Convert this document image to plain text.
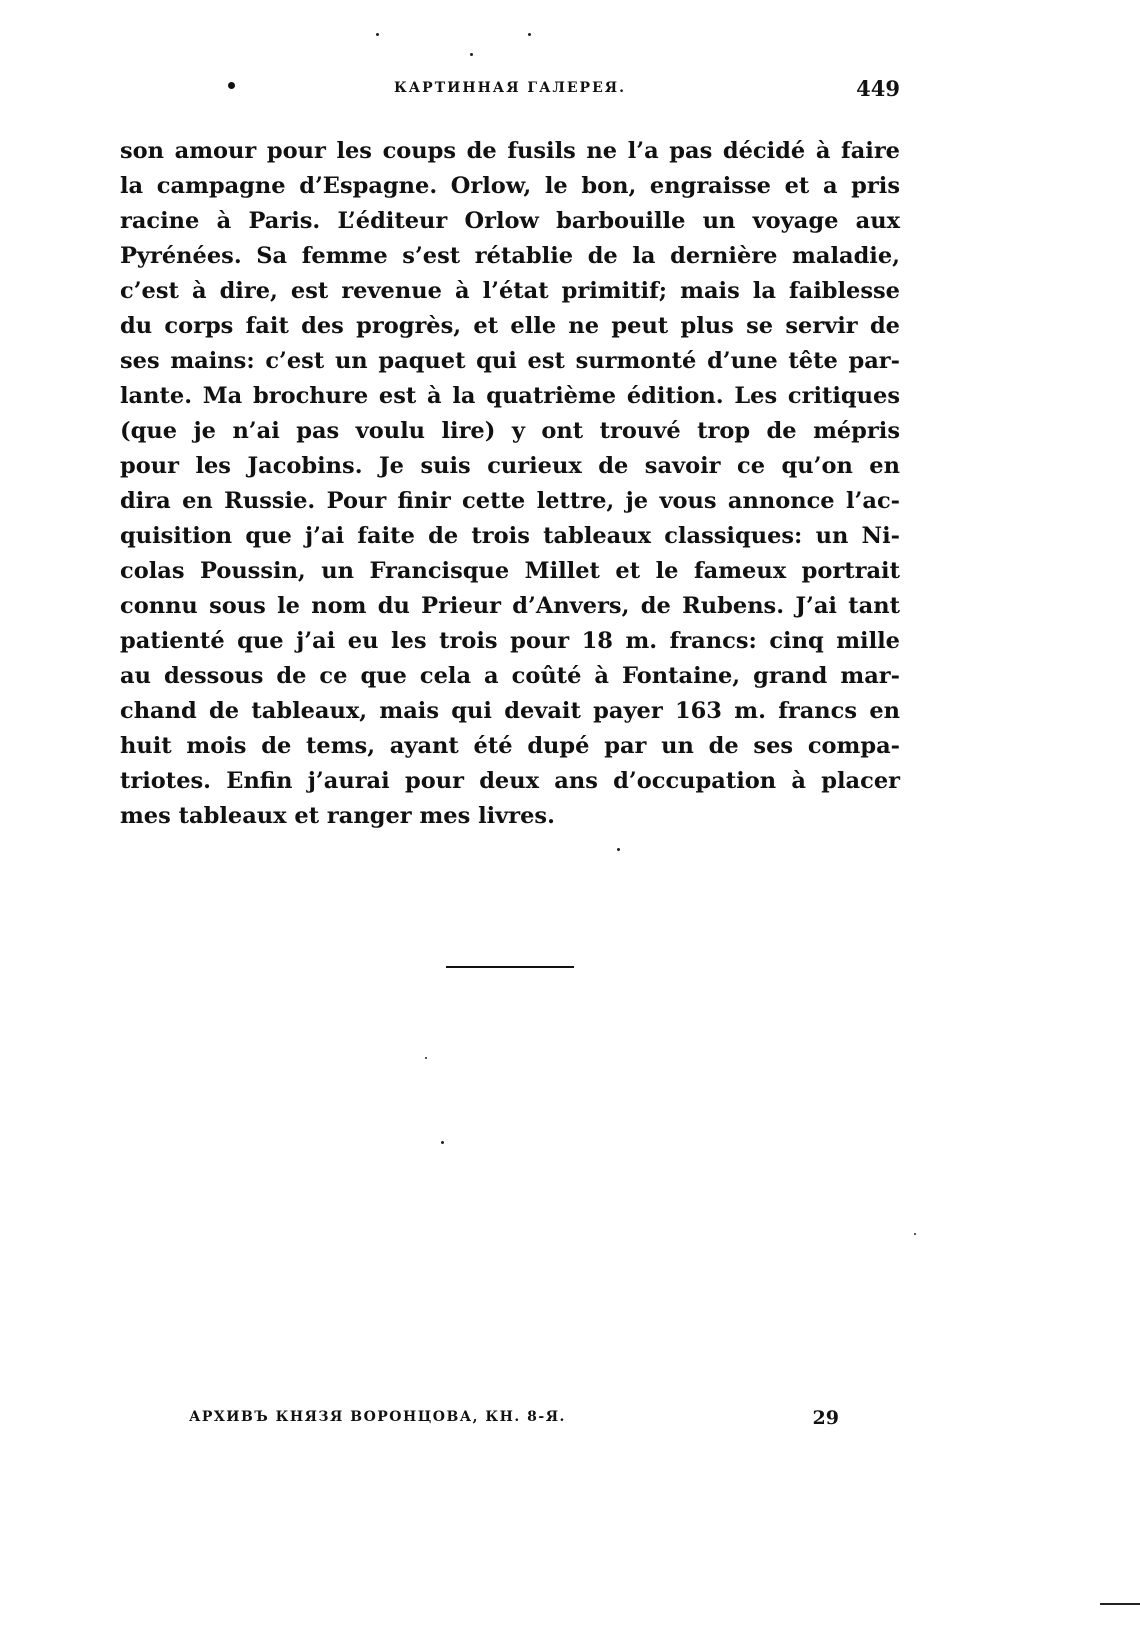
КАРТИННАЯ ГАЛЕРЕЯ.	449
son amour pour les coups de fusils ne l’a pas décidé à faire
la campagne d’Espagne. Orlow, le bon, engraisse et a pris
racine à Paris. L’éditeur Orlow barbouille un voyage aux
Pyrénées. Sa femme s’est rétablie de la dernière maladie,
c’est à dire, est revenue à l’état primitif; mais la faiblesse
du corps fait des progrès, et elle ne peut plus se servir de
ses mains: c’est un paquet qui est surmonté d’une tête par-
lante. Ma brochure est à la quatrième édition. Les critiques
(que je n’ai pas voulu lire) y ont trouvé trop de mépris
pour les Jacobins. Je suis curieux de savoir ce qu’on en
dira en Russie. Pour finir cette lettre, je vous annonce l’ac-
quisition que j’ai faite de trois tableaux classiques: un Ni-
colas Poussin, un Francisque Millet et le fameux portrait
connu sous le nom du Prieur d’Anvers, de Rubens. J’ai tant
patienté que j’ai eu les trois pour 18 m. francs: cinq mille
au dessous de ce que cela a coûté à Fontaine, grand mar-
chand de tableaux, mais qui devait payer 163 m. francs en
huit mois de tems, ayant été dupé par un de ses compa-
triotes. Enfin j’aurai pour deux ans d’occupation à placer
mes tableaux et ranger mes livres.
АРХИВЪ КНЯЗЯ ВОРОНЦОВА, КН. 8-Я.	29
